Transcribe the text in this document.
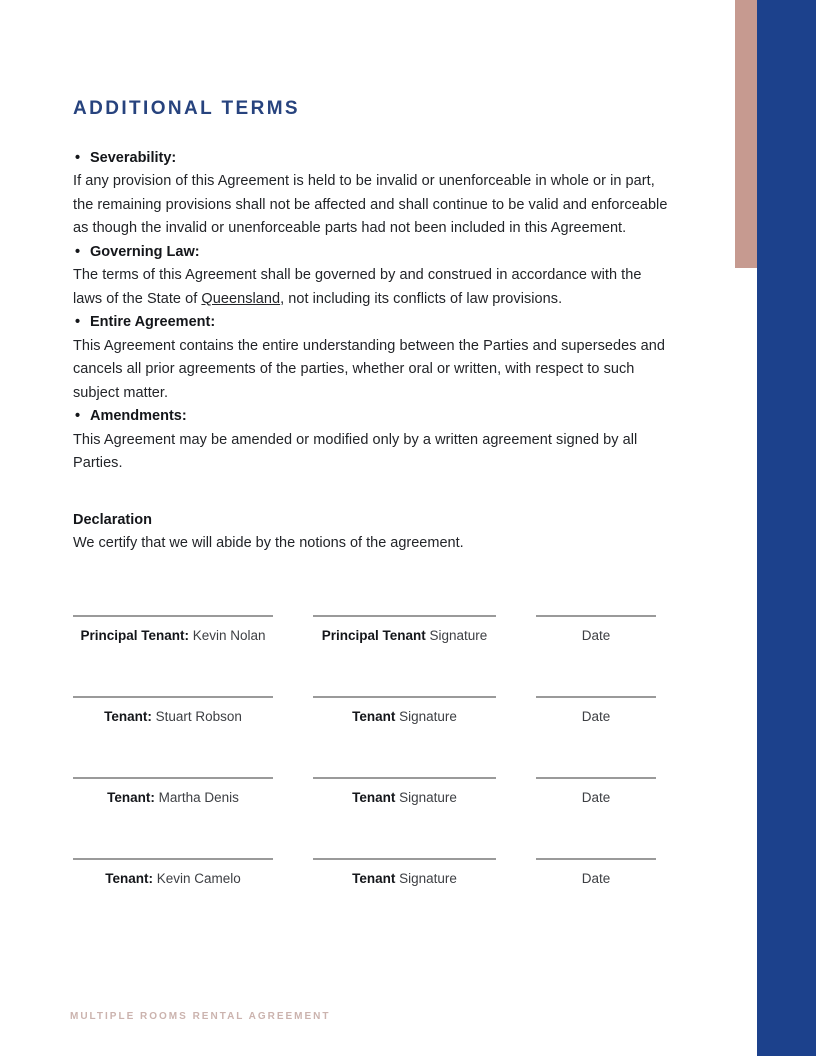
ADDITIONAL TERMS

• Severability:

If any provision of this Agreement is held to be invalid or unenforceable in whole or in part, the remaining provisions shall not be affected and shall continue to be valid and enforceable as though the invalid or unenforceable parts had not been included in this Agreement.

• Governing Law:

The terms of this Agreement shall be governed by and construed in accordance with the laws of the State of Queensland, not including its conflicts of law provisions.

• Entire Agreement:

This Agreement contains the entire understanding between the Parties and supersedes and cancels all prior agreements of the parties, whether oral or written, with respect to such subject matter.

• Amendments:

This Agreement may be amended or modified only by a written agreement signed by all Parties.

Declaration

We certify that we will abide by the notions of the agreement.

Principal Tenant: Kevin Nolan	Principal Tenant Signature	Date
Tenant: Stuart Robson	Tenant Signature	Date
Tenant: Martha Denis	Tenant Signature	Date
Tenant: Kevin Camelo	Tenant Signature	Date
MULTIPLE ROOMS RENTAL AGREEMENT
